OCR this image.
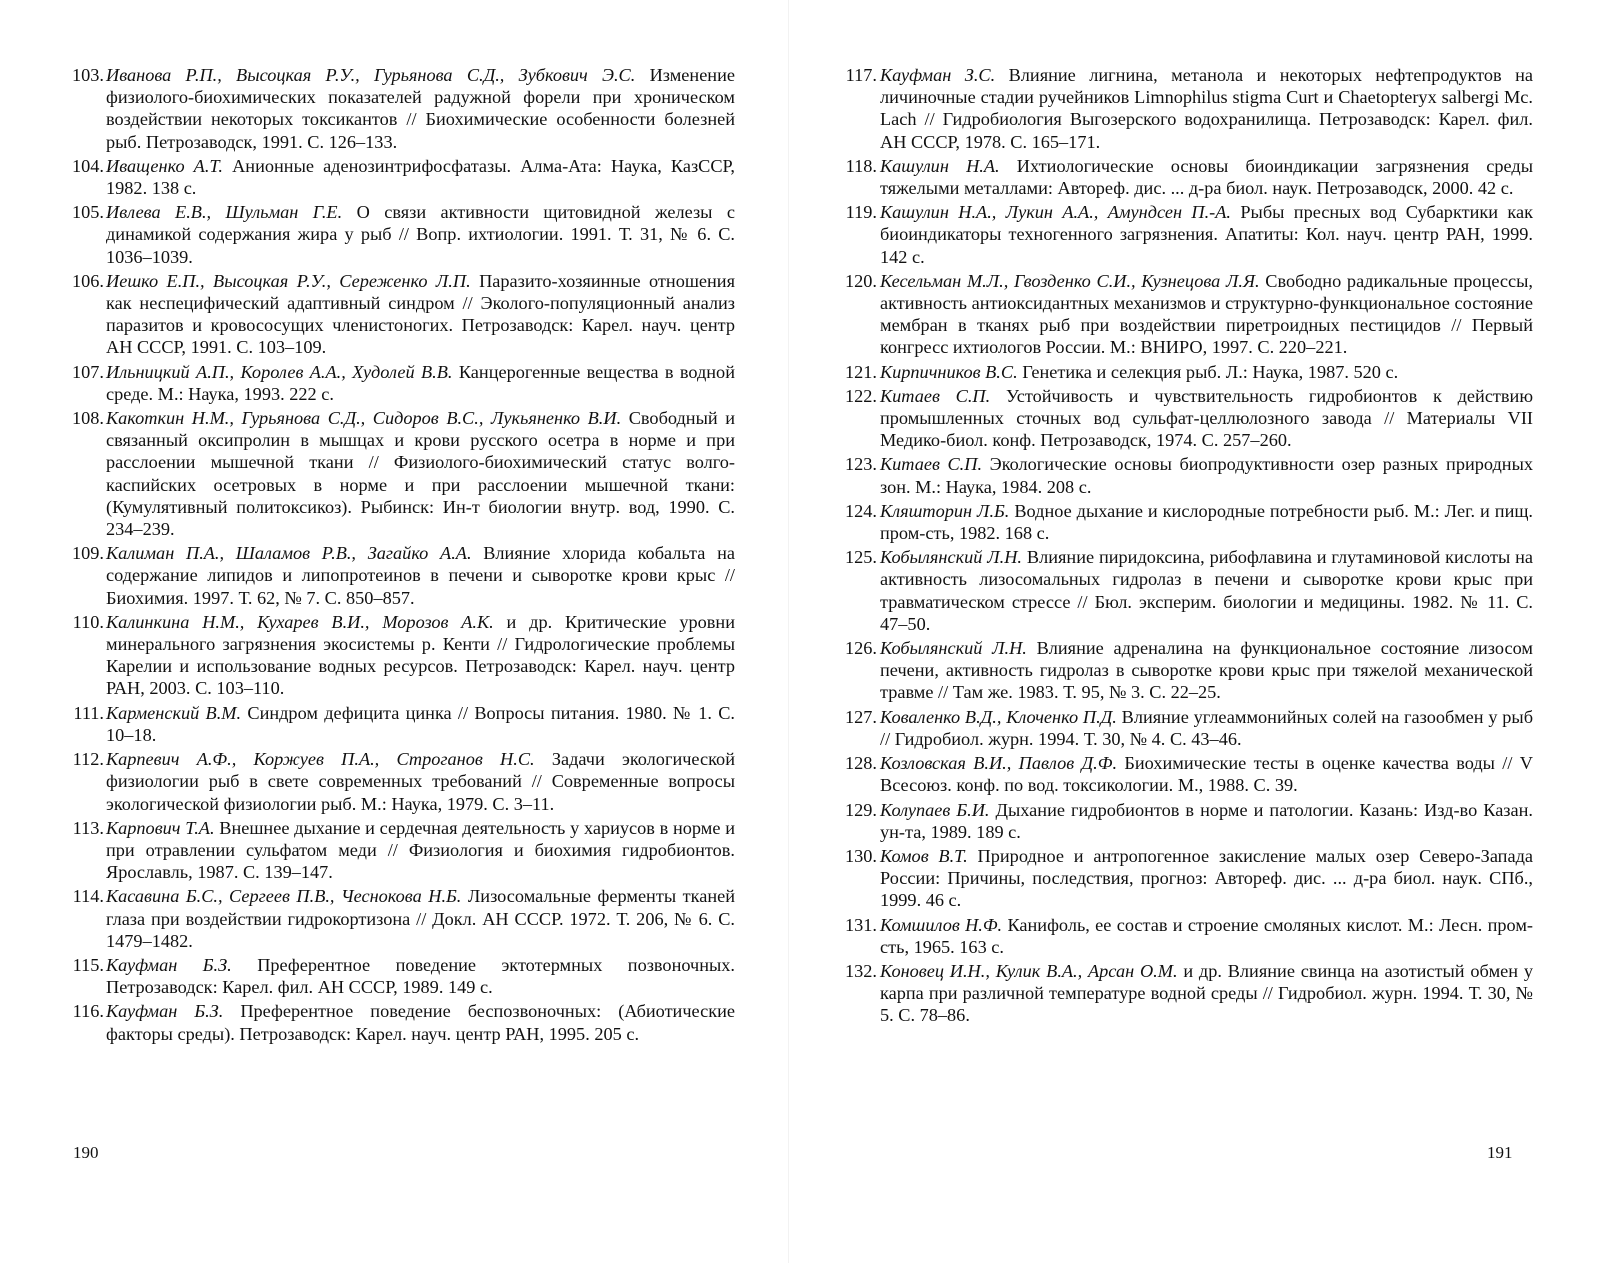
103. Иванова Р.П., Высоцкая Р.У., Гурьянова С.Д., Зубкович Э.С. Изменение физиолого-биохимических показателей радужной форели при хроническом воздействии некоторых токсикантов // Биохимические особенности болезней рыб. Петрозаводск, 1991. С. 126–133.
104. Иващенко А.Т. Анионные аденозинтрифосфатазы. Алма-Ата: Наука, КазССР, 1982. 138 с.
105. Ивлева Е.В., Шульман Г.Е. О связи активности щитовидной железы с динамикой содержания жира у рыб // Вопр. ихтиологии. 1991. Т. 31, № 6. С. 1036–1039.
106. Иешко Е.П., Высоцкая Р.У., Сереженко Л.П. Паразито-хозяинные отношения как неспецифический адаптивный синдром // Эколого-популяционный анализ паразитов и кровососущих членистоногих. Петрозаводск: Карел. науч. центр АН СССР, 1991. С. 103–109.
107. Ильницкий А.П., Королев А.А., Худолей В.В. Канцерогенные вещества в водной среде. М.: Наука, 1993. 222 с.
108. Какоткин Н.М., Гурьянова С.Д., Сидоров В.С., Лукьяненко В.И. Свободный и связанный оксипролин в мышцах и крови русского осетра в норме и при расслоении мышечной ткани // Физиолого-биохимический статус волго-каспийских осетровых в норме и при расслоении мышечной ткани: (Кумулятивный политоксикоз). Рыбинск: Ин-т биологии внутр. вод, 1990. С. 234–239.
109. Калиман П.А., Шаламов Р.В., Загайко А.А. Влияние хлорида кобальта на содержание липидов и липопротеинов в печени и сыворотке крови крыс // Биохимия. 1997. Т. 62, № 7. С. 850–857.
110. Калинкина Н.М., Кухарев В.И., Морозов А.К. и др. Критические уровни минерального загрязнения экосистемы р. Кенти // Гидрологические проблемы Карелии и использование водных ресурсов. Петрозаводск: Карел. науч. центр РАН, 2003. С. 103–110.
111. Карменский В.М. Синдром дефицита цинка // Вопросы питания. 1980. № 1. С. 10–18.
112. Карпевич А.Ф., Коржуев П.А., Строганов Н.С. Задачи экологической физиологии рыб в свете современных требований // Современные вопросы экологической физиологии рыб. М.: Наука, 1979. С. 3–11.
113. Карпович Т.А. Внешнее дыхание и сердечная деятельность у хариусов в норме и при отравлении сульфатом меди // Физиология и биохимия гидробионтов. Ярославль, 1987. С. 139–147.
114. Касавина Б.С., Сергеев П.В., Чеснокова Н.Б. Лизосомальные ферменты тканей глаза при воздействии гидрокортизона // Докл. АН СССР. 1972. Т. 206, № 6. С. 1479–1482.
115. Кауфман Б.З. Преферентное поведение эктотермных позвоночных. Петрозаводск: Карел. фил. АН СССР, 1989. 149 с.
116. Кауфман Б.З. Преферентное поведение беспозвоночных: (Абиотические факторы среды). Петрозаводск: Карел. науч. центр РАН, 1995. 205 с.
117. Кауфман З.С. Влияние лигнина, метанола и некоторых нефтепродуктов на личиночные стадии ручейников Limnophilus stigma Curt и Chaetopteryx salbergi Mc. Lach // Гидробиология Выгозерского водохранилища. Петрозаводск: Карел. фил. АН СССР, 1978. С. 165–171.
118. Кашулин Н.А. Ихтиологические основы биоиндикации загрязнения среды тяжелыми металлами: Автореф. дис. ... д-ра биол. наук. Петрозаводск, 2000. 42 с.
119. Кашулин Н.А., Лукин А.А., Амундсен П.-А. Рыбы пресных вод Субарктики как биоиндикаторы техногенного загрязнения. Апатиты: Кол. науч. центр РАН, 1999. 142 с.
120. Кесельман М.Л., Гвозденко С.И., Кузнецова Л.Я. Свободно радикальные процессы, активность антиоксидантных механизмов и структурно-функциональное состояние мембран в тканях рыб при воздействии пиретроидных пестицидов // Первый конгресс ихтиологов России. М.: ВНИРО, 1997. С. 220–221.
121. Кирпичников В.С. Генетика и селекция рыб. Л.: Наука, 1987. 520 с.
122. Китаев С.П. Устойчивость и чувствительность гидробионтов к действию промышленных сточных вод сульфат-целлюлозного завода // Материалы VII Медико-биол. конф. Петрозаводск, 1974. С. 257–260.
123. Китаев С.П. Экологические основы биопродуктивности озер разных природных зон. М.: Наука, 1984. 208 с.
124. Кляшторин Л.Б. Водное дыхание и кислородные потребности рыб. М.: Лег. и пищ. пром-сть, 1982. 168 с.
125. Кобылянский Л.Н. Влияние пиридоксина, рибофлавина и глутаминовой кислоты на активность лизосомальных гидролаз в печени и сыворотке крови крыс при травматическом стрессе // Бюл. эксперим. биологии и медицины. 1982. № 11. С. 47–50.
126. Кобылянский Л.Н. Влияние адреналина на функциональное состояние лизосом печени, активность гидролаз в сыворотке крови крыс при тяжелой механической травме // Там же. 1983. Т. 95, № 3. С. 22–25.
127. Коваленко В.Д., Клоченко П.Д. Влияние углеаммонийных солей на газообмен у рыб // Гидробиол. журн. 1994. Т. 30, № 4. С. 43–46.
128. Козловская В.И., Павлов Д.Ф. Биохимические тесты в оценке качества воды // V Всесоюз. конф. по вод. токсикологии. М., 1988. С. 39.
129. Колупаев Б.И. Дыхание гидробионтов в норме и патологии. Казань: Изд-во Казан. ун-та, 1989. 189 с.
130. Комов В.Т. Природное и антропогенное закисление малых озер Северо-Запада России: Причины, последствия, прогноз: Автореф. дис. ... д-ра биол. наук. СПб., 1999. 46 с.
131. Комшилов Н.Ф. Канифоль, ее состав и строение смоляных кислот. М.: Лесн. пром-сть, 1965. 163 с.
132. Коновец И.Н., Кулик В.А., Арсан О.М. и др. Влияние свинца на азотистый обмен у карпа при различной температуре водной среды // Гидробиол. журн. 1994. Т. 30, № 5. С. 78–86.
190	191
